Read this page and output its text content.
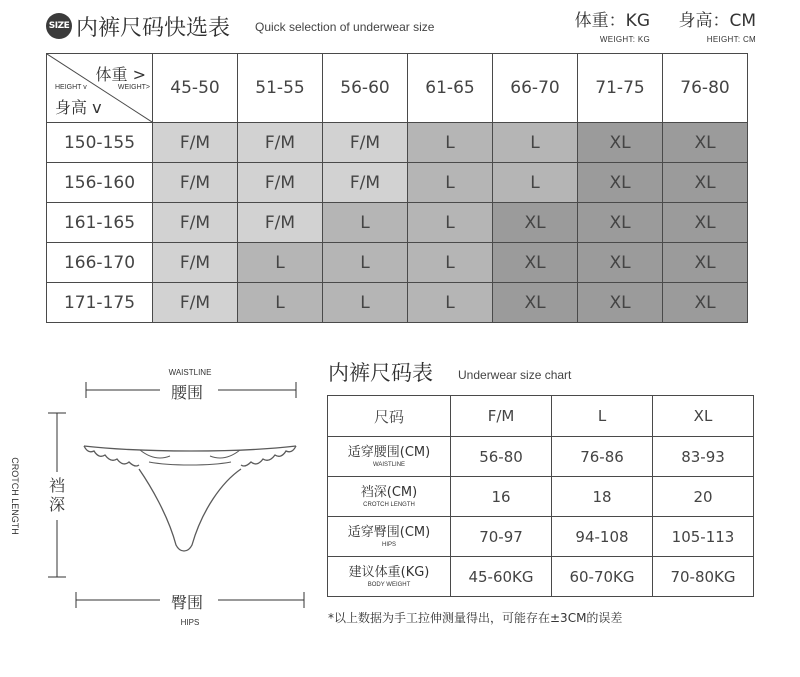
SIZE 内裤尺码快选表 Quick selection of underwear size	体重：KG
WEIGHT: KG
身高：CM
HEIGHT: CM
体重 >
WEIGHT>
HEIGHT v
身高 v	45-50	51-55	56-60	61-65	66-70	71-75	76-80
150-155	F/M	F/M	F/M	L	L	XL	XL
156-160	F/M	F/M	F/M	L	L	XL	XL
161-165	F/M	F/M	L	L	XL	XL	XL
166-170	F/M	L	L	L	XL	XL	XL
171-175	F/M	L	L	L	XL	XL	XL
WAISTLINE
腰围
CROTCH LENGTH 裆深
臀围
HIPS
内裤尺码表 Underwear size chart
尺码	F/M	L	XL

适穿腰围(CM)
WAISTLINE	56-80	76-86	83-93

裆深(CM)
CROTCH LENGTH	16	18	20

适穿臀围(CM)
HIPS	70-97	94-108	105-113

建议体重(KG)
BODY WEIGHT	45-60KG	60-70KG	70-80KG
*以上数据为手工拉伸测量得出，可能存在±3CM的误差
